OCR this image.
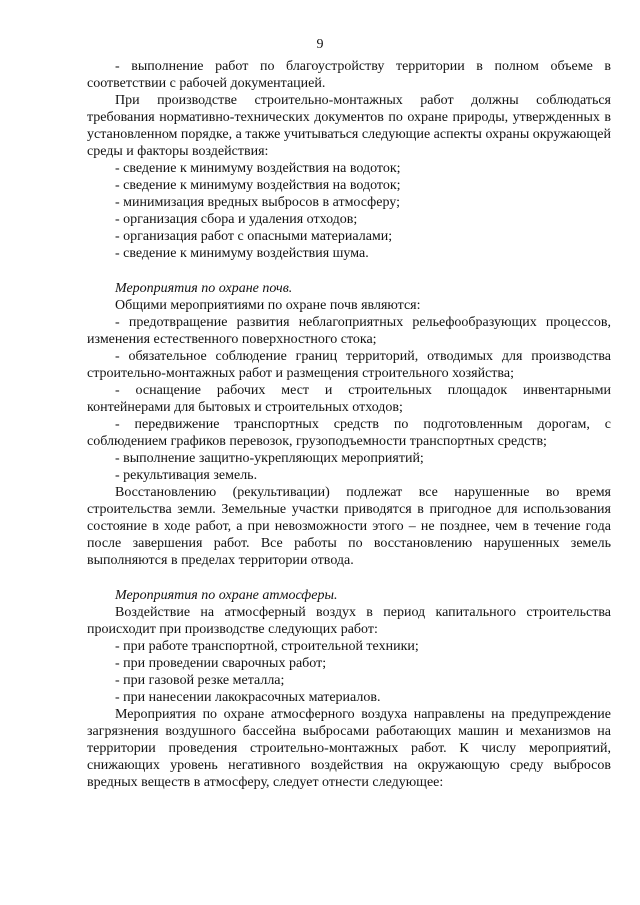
9

- выполнение работ по благоустройству территории в полном объеме в соответствии с рабочей документацией.

При производстве строительно-монтажных работ должны соблюдаться требования нормативно-технических документов по охране природы, утвержденных в установленном порядке, а также учитываться следующие аспекты охраны окружающей среды и факторы воздействия:

- сведение к минимуму воздействия на водоток;

- сведение к минимуму воздействия на водоток;

- минимизация вредных выбросов в атмосферу;

- организация сбора и удаления отходов;

- организация работ с опасными материалами;

- сведение к минимуму воздействия шума.

Мероприятия по охране почв.

Общими мероприятиями по охране почв являются:

- предотвращение развития неблагоприятных рельефообразующих процессов, изменения естественного поверхностного стока;

- обязательное соблюдение границ территорий, отводимых для производства строительно-монтажных работ и размещения строительного хозяйства;

- оснащение рабочих мест и строительных площадок инвентарными контейнерами для бытовых и строительных отходов;

- передвижение транспортных средств по подготовленным дорогам, с соблюдением графиков перевозок, грузоподъемности транспортных средств;

- выполнение защитно-укрепляющих мероприятий;

- рекультивация земель.

Восстановлению (рекультивации) подлежат все нарушенные во время строительства земли. Земельные участки приводятся в пригодное для использования состояние в ходе работ, а при невозможности этого – не позднее, чем в течение года после завершения работ. Все работы по восстановлению нарушенных земель выполняются в пределах территории отвода.

Мероприятия по охране атмосферы.

Воздействие на атмосферный воздух в период капитального строительства происходит при производстве следующих работ:

- при работе транспортной, строительной техники;

- при проведении сварочных работ;

- при газовой резке металла;

- при нанесении лакокрасочных материалов.

Мероприятия по охране атмосферного воздуха направлены на предупреждение загрязнения воздушного бассейна выбросами работающих машин и механизмов на территории проведения строительно-монтажных работ. К числу мероприятий, снижающих уровень негативного воздействия на окружающую среду выбросов вредных веществ в атмосферу, следует отнести следующее:
